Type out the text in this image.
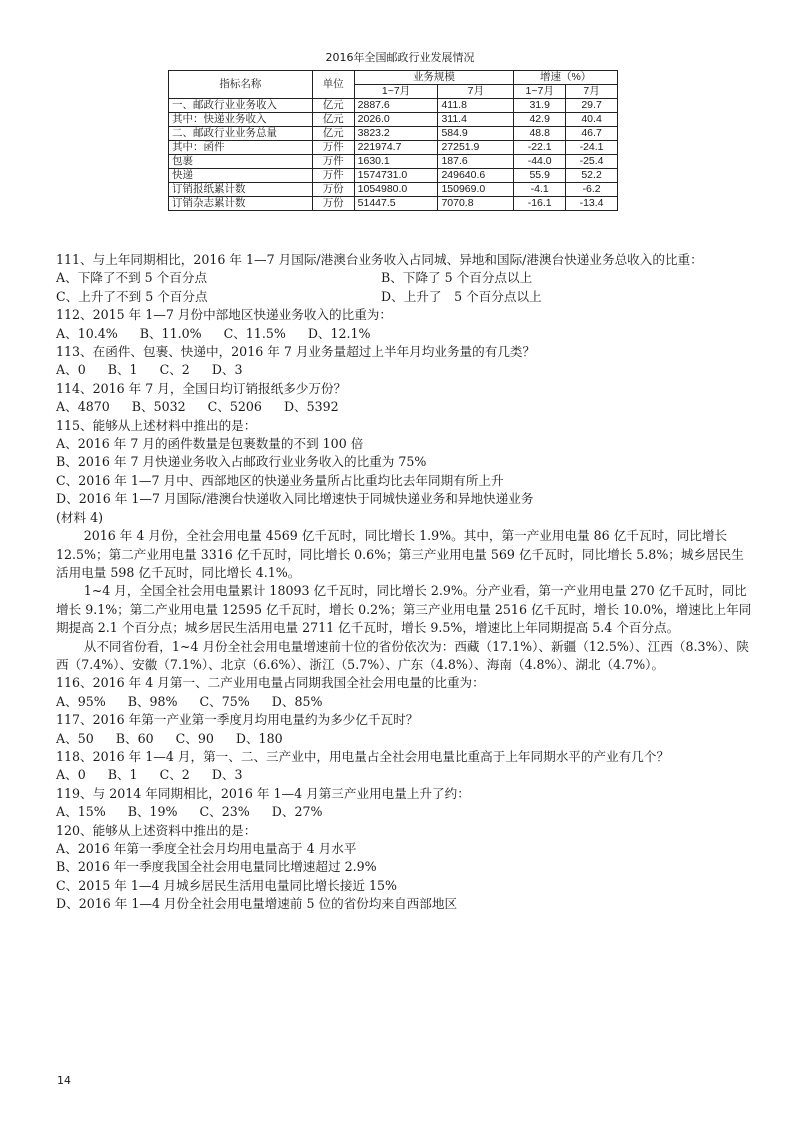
2016年全国邮政行业发展情况
指标名称	单位	业务规模		增速（%）	
		1~7月	7月	1~7月	7月
一、邮政行业业务收入	亿元	2887.6	411.8	31.9	29.7
其中：快递业务收入	亿元	2026.0	311.4	42.9	40.4
二、邮政行业业务总量	亿元	3823.2	584.9	48.8	46.7
其中：函件	万件	221974.7	27251.9	-22.1	-24.1
包裹	万件	1630.1	187.6	-44.0	-25.4
快递	万件	1574731.0	249640.6	55.9	52.2
订销报纸累计数	万份	1054980.0	150969.0	-4.1	-6.2
订销杂志累计数	万份	51447.5	7070.8	-16.1	-13.4

111、与上年同期相比，2016 年 1—7 月国际/港澳台业务收入占同城、异地和国际/港澳台快递业务总收入的比重：

A、下降了不到 5 个百分点	B、下降了 5 个百分点以上
C、上升了不到 5 个百分点	D、上升了　5 个百分点以上

112、2015 年 1—7 月份中部地区快递业务收入的比重为：

A、10.4% B、11.0% C、11.5% D、12.1%

113、在函件、包裹、快递中，2016 年 7 月业务量超过上半年月均业务量的有几类？

A、0 B、1 C、2 D、3

114、2016 年 7 月，全国日均订销报纸多少万份？

A、4870 B、5032 C、5206 D、5392

115、能够从上述材料中推出的是：

A、2016 年 7 月的函件数量是包裹数量的不到 100 倍

B、2016 年 7 月快递业务收入占邮政行业业务收入的比重为 75%

C、2016 年 1—7 月中、西部地区的快递业务量所占比重均比去年同期有所上升

D、2016 年 1—7 月国际/港澳台快递收入同比增速快于同城快递业务和异地快递业务

(材料 4)

2016 年 4 月份，全社会用电量 4569 亿千瓦时，同比增长 1.9%。其中，第一产业用电量 86 亿千瓦时，同比增长 12.5%；第二产业用电量 3316 亿千瓦时，同比增长 0.6%；第三产业用电量 569 亿千瓦时，同比增长 5.8%；城乡居民生活用电量 598 亿千瓦时，同比增长 4.1%。

1~4 月，全国全社会用电量累计 18093 亿千瓦时，同比增长 2.9%。分产业看，第一产业用电量 270 亿千瓦时，同比增长 9.1%；第二产业用电量 12595 亿千瓦时，增长 0.2%；第三产业用电量 2516 亿千瓦时，增长 10.0%，增速比上年同期提高 2.1 个百分点；城乡居民生活用电量 2711 亿千瓦时，增长 9.5%，增速比上年同期提高 5.4 个百分点。

从不同省份看，1~4 月份全社会用电量增速前十位的省份依次为：西藏（17.1%）、新疆（12.5%）、江西（8.3%）、陕西（7.4%）、安徽（7.1%）、北京（6.6%）、浙江（5.7%）、广东（4.8%）、海南（4.8%）、湖北（4.7%）。

116、2016 年 4 月第一、二产业用电量占同期我国全社会用电量的比重为：

A、95% B、98% C、75% D、85%

117、2016 年第一产业第一季度月均用电量约为多少亿千瓦时？

A、50 B、60 C、90 D、180

118、2016 年 1—4 月，第一、二、三产业中，用电量占全社会用电量比重高于上年同期水平的产业有几个？

A、0 B、1 C、2 D、3

119、与 2014 年同期相比，2016 年 1—4 月第三产业用电量上升了约：

A、15% B、19% C、23% D、27%

120、能够从上述资料中推出的是：

A、2016 年第一季度全社会月均用电量高于 4 月水平

B、2016 年一季度我国全社会用电量同比增速超过 2.9%

C、2015 年 1—4 月城乡居民生活用电量同比增长接近 15%

D、2016 年 1—4 月份全社会用电量增速前 5 位的省份均来自西部地区

14
